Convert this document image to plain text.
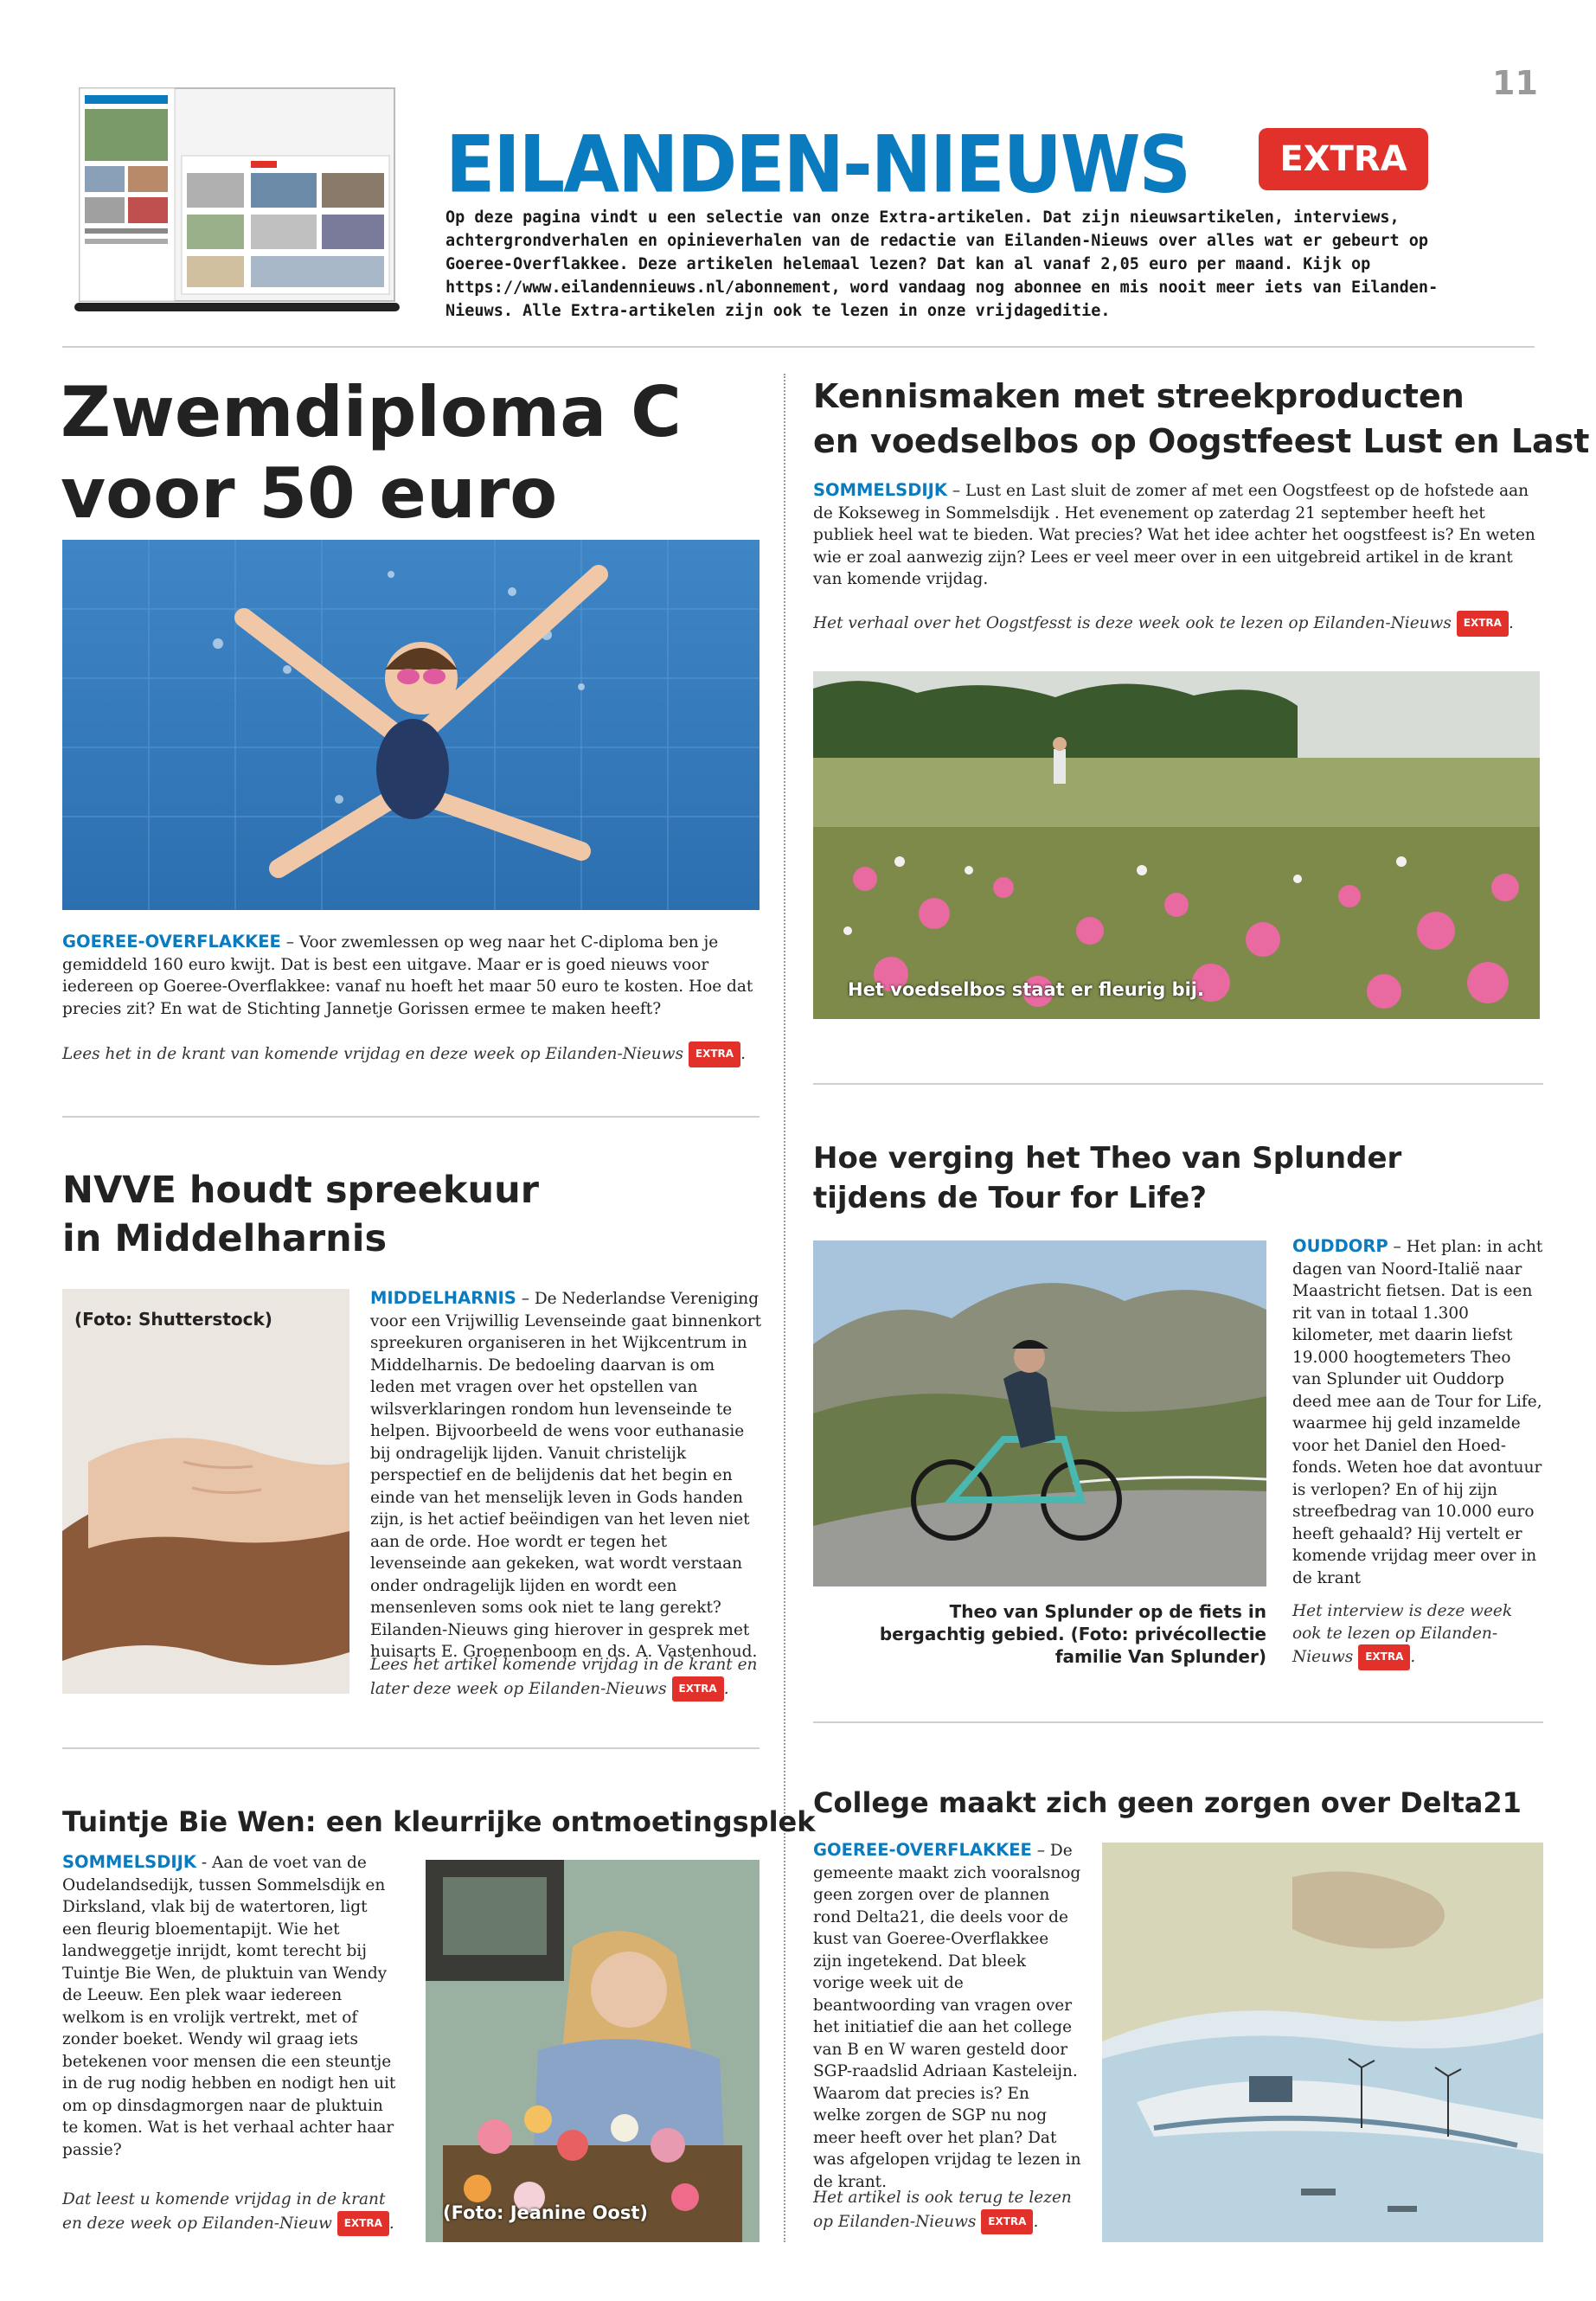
11
EILANDEN-NIEUWS	EXTRA
Op deze pagina vindt u een selectie van onze Extra-artikelen. Dat zijn nieuwsartikelen, interviews, achtergrondverhalen en opinieverhalen van de redactie van Eilanden-Nieuws over alles wat er gebeurt op Goeree-Overflakkee. Deze artikelen helemaal lezen? Dat kan al vanaf 2,05 euro per maand. Kijk op https://www.eilandennieuws.nl/abonnement, word vandaag nog abonnee en mis nooit meer iets van Eilanden-Nieuws. Alle Extra-artikelen zijn ook te lezen in onze vrijdageditie.
Zwemdiploma C
voor 50 euro
GOEREE-OVERFLAKKEE – Voor zwemlessen op weg naar het C-diploma ben je gemiddeld 160 euro kwijt. Dat is best een uitgave. Maar er is goed nieuws voor iedereen op Goeree-Overflakkee: vanaf nu hoeft het maar 50 euro te kosten. Hoe dat precies zit? En wat de Stichting Jannetje Gorissen ermee te maken heeft?
Lees het in de krant van komende vrijdag en deze week op Eilanden-Nieuws EXTRA .
Kennismaken met streekproducten
en voedselbos op Oogstfeest Lust en Last
SOMMELSDIJK – Lust en Last sluit de zomer af met een Oogstfeest op de hofstede aan de Kokseweg in Sommelsdijk . Het evenement op zaterdag 21 september heeft het publiek heel wat te bieden. Wat precies? Wat het idee achter het oogstfeest is? En weten wie er zoal aanwezig zijn? Lees er veel meer over in een uitgebreid artikel in de krant van komende vrijdag.
Het verhaal over het Oogstfesst is deze week ook te lezen op Eilanden-Nieuws EXTRA .
Het voedselbos staat er fleurig bij.
NVVE houdt spreekuur
in Middelharnis
(Foto: Shutterstock)
MIDDELHARNIS – De Nederlandse Vereniging voor een Vrijwillig Levenseinde gaat binnenkort spreekuren organiseren in het Wijkcentrum in Middelharnis. De bedoeling daarvan is om leden met vragen over het opstellen van wilsverklaringen rondom hun levenseinde te helpen. Bijvoorbeeld de wens voor euthanasie bij ondragelijk lijden. Vanuit christelijk perspectief en de belijdenis dat het begin en einde van het menselijk leven in Gods handen zijn, is het actief beëindigen van het leven niet aan de orde. Hoe wordt er tegen het levenseinde aan gekeken, wat wordt verstaan onder ondragelijk lijden en wordt een mensenleven soms ook niet te lang gerekt? Eilanden-Nieuws ging hierover in gesprek met huisarts E. Groenenboom en ds. A. Vastenhoud.
Lees het artikel komende vrijdag in de krant en later deze week op Eilanden-Nieuws EXTRA .
Hoe verging het Theo van Splunder
tijdens de Tour for Life?
OUDDORP – Het plan: in acht dagen van Noord-Italië naar Maastricht fietsen. Dat is een rit van in totaal 1.300 kilometer, met daarin liefst 19.000 hoogtemeters Theo van Splunder uit Ouddorp deed mee aan de Tour for Life, waarmee hij geld inzamelde voor het Daniel den Hoed-fonds. Weten hoe dat avontuur is verlopen? En of hij zijn streefbedrag van 10.000 euro heeft gehaald? Hij vertelt er komende vrijdag meer over in de krant
Theo van Splunder op de fiets in bergachtig gebied. (Foto: privécollectie familie Van Splunder)
Het interview is deze week ook te lezen op Eilanden-Nieuws EXTRA .
Tuintje Bie Wen: een kleurrijke ontmoetingsplek
SOMMELSDIJK - Aan de voet van de Oudelandsedijk, tussen Sommelsdijk en Dirksland, vlak bij de watertoren, ligt een fleurig bloementapijt. Wie het landweggetje inrijdt, komt terecht bij Tuintje Bie Wen, de pluktuin van Wendy de Leeuw. Een plek waar iedereen welkom is en vrolijk vertrekt, met of zonder boeket. Wendy wil graag iets betekenen voor mensen die een steuntje in de rug nodig hebben en nodigt hen uit om op dinsdagmorgen naar de pluktuin te komen. Wat is het verhaal achter haar passie?
Dat leest u komende vrijdag in de krant en deze week op Eilanden-Nieuw EXTRA .	(Foto: Jeanine Oost)
College maakt zich geen zorgen over Delta21
GOEREE-OVERFLAKKEE – De gemeente maakt zich vooralsnog geen zorgen over de plannen rond Delta21, die deels voor de kust van Goeree-Overflakkee zijn ingetekend. Dat bleek vorige week uit de beantwoording van vragen over het initiatief die aan het college van B en W waren gesteld door SGP-raadslid Adriaan Kasteleijn. Waarom dat precies is? En welke zorgen de SGP nu nog meer heeft over het plan? Dat was afgelopen vrijdag te lezen in de krant.
Het artikel is ook terug te lezen op Eilanden-Nieuws EXTRA .
